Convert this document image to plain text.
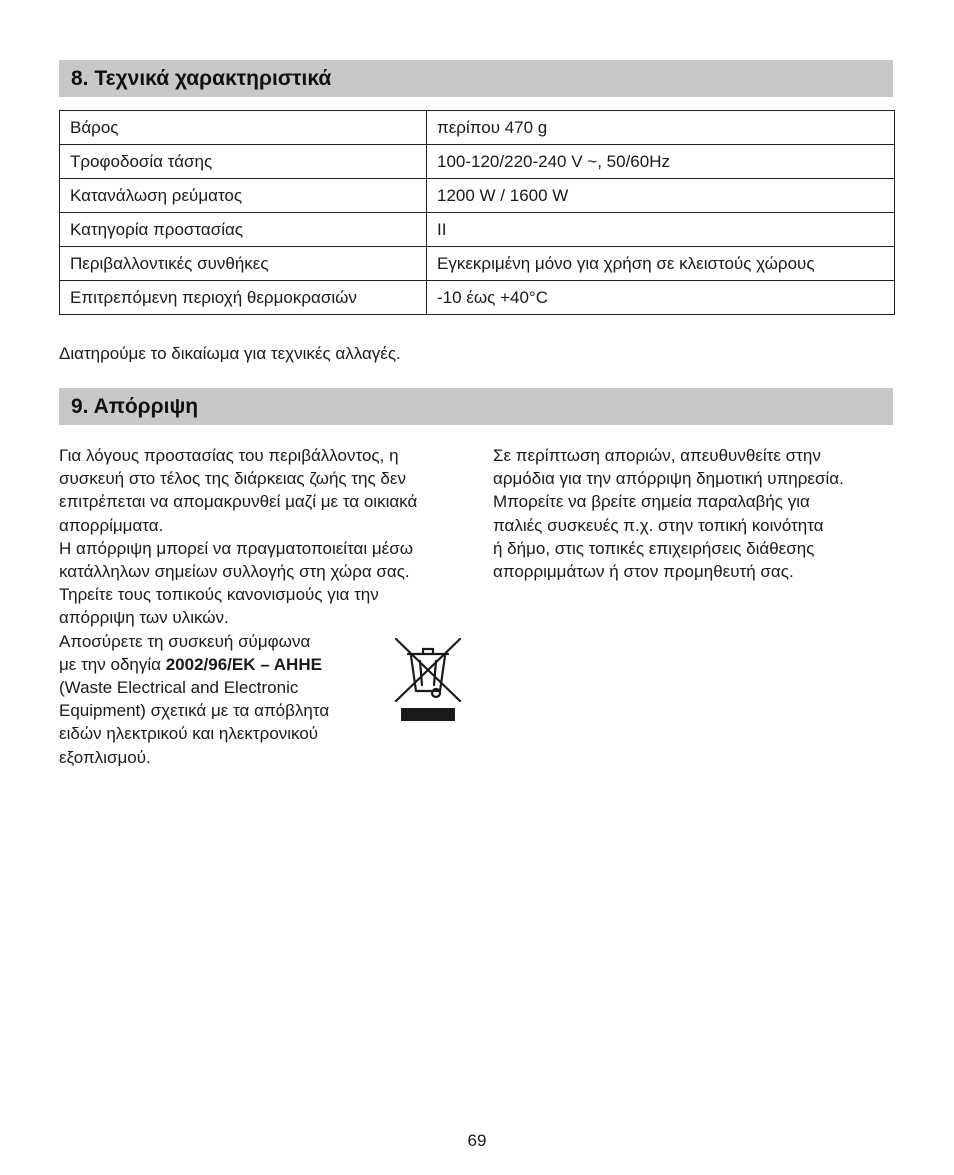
8. Τεχνικά χαρακτηριστικά
Βάρος	περίπου 470 g
Τροφοδοσία τάσης	100-120/220-240 V ~, 50/60Hz
Κατανάλωση ρεύματος	1200 W / 1600 W
Κατηγορία προστασίας	II
Περιβαλλοντικές συνθήκες	Εγκεκριμένη μόνο για χρήση σε κλειστούς χώρους
Επιτρεπόμενη περιοχή θερμοκρασιών	-10 έως +40°C
Διατηρούμε το δικαίωμα για τεχνικές αλλαγές.
9. Απόρριψη
Για λόγους προστασίας του περιβάλλοντος, η
συσκευή στο τέλος της διάρκειας ζωής της δεν
επιτρέπεται να απομακρυνθεί μαζί με τα οικιακά
απορρίμματα.
Η απόρριψη μπορεί να πραγματοποιείται μέσω
κατάλληλων σημείων συλλογής στη χώρα σας.
Τηρείτε τους τοπικούς κανονισμούς για την
απόρριψη των υλικών.
Αποσύρετε τη συσκευή σύμφωνα
με την οδηγία 2002/96/ΕΚ – ΑΗΗΕ
(Waste Electrical and Electronic
Equipment) σχετικά με τα απόβλητα
ειδών ηλεκτρικού και ηλεκτρονικού
εξοπλισμού.
Σε περίπτωση αποριών, απευθυνθείτε στην
αρμόδια για την απόρριψη δημοτική υπηρεσία.
Μπορείτε να βρείτε σημεία παραλαβής για
παλιές συσκευές π.χ. στην τοπική κοινότητα
ή δήμο, στις τοπικές επιχειρήσεις διάθεσης
απορριμμάτων ή στον προμηθευτή σας.
69
